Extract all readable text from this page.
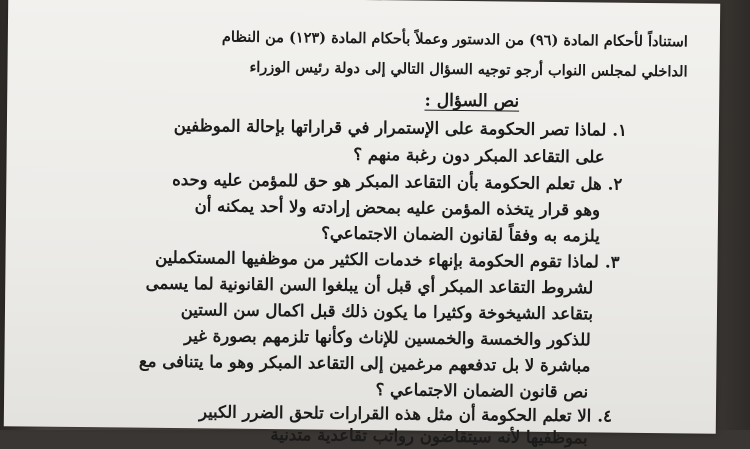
استناداً لأحكام المادة (٩٦) من الدستور وعملاً بأحكام المادة (١٢٣) من النظام
الداخلي لمجلس النواب أرجو توجيه السؤال التالي إلى دولة رئيس الوزراء
نص السؤال :
١.لماذا تصر الحكومة على الإستمرار في قراراتها بإحالة الموظفين
على التقاعد المبكر دون رغبة منهم ؟
٢.هل تعلم الحكومة بأن التقاعد المبكر هو حق للمؤمن عليه وحده
وهو قرار يتخذه المؤمن عليه بمحض إرادته ولا أحد يمكنه أن
يلزمه به وفقاً لقانون الضمان الاجتماعي؟
٣.لماذا تقوم الحكومة بإنهاء خدمات الكثير من موظفيها المستكملين
لشروط التقاعد المبكر أي قبل أن يبلغوا السن القانونية لما يسمى
بتقاعد الشيخوخة وكثيرا ما يكون ذلك قبل اكمال سن الستين
للذكور والخمسة والخمسين للإناث وكأنها تلزمهم بصورة غير
مباشرة لا بل تدفعهم مرغمين إلى التقاعد المبكر وهو ما يتنافى مع
نص قانون الضمان الاجتماعي ؟
٤.الا تعلم الحكومة أن مثل هذه القرارات تلحق الضرر الكبير
بموظفيها لأنه سيتقاضون رواتب تقاعدية متدنية
